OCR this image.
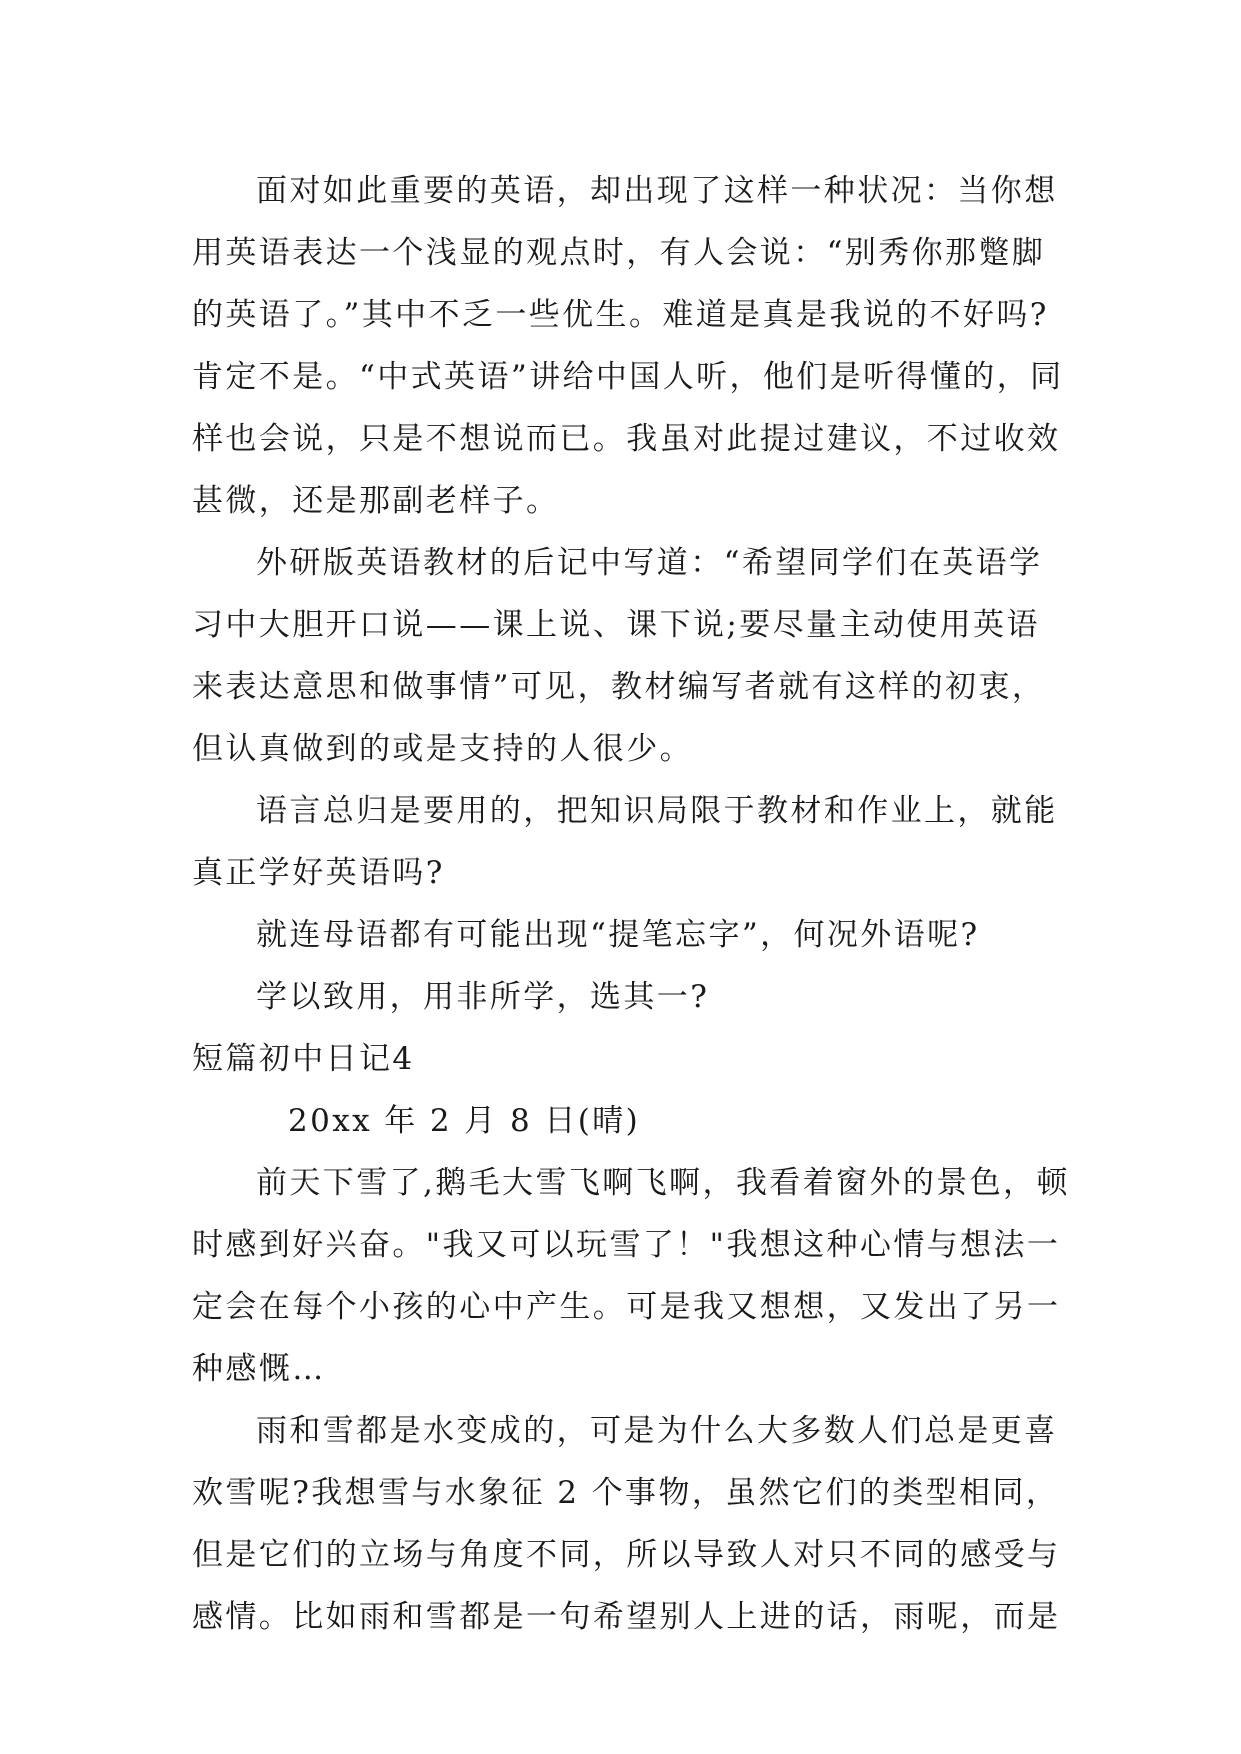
面对如此重要的英语，却出现了这样一种状况：当你想用英语表达一个浅显的观点时，有人会说：“别秀你那蹩脚的英语了。”其中不乏一些优生。难道是真是我说的不好吗?肯定不是。“中式英语”讲给中国人听，他们是听得懂的，同样也会说，只是不想说而已。我虽对此提过建议，不过收效甚微，还是那副老样子。

外研版英语教材的后记中写道：“希望同学们在英语学习中大胆开口说——课上说、课下说;要尽量主动使用英语来表达意思和做事情”可见，教材编写者就有这样的初衷，但认真做到的或是支持的人很少。

语言总归是要用的，把知识局限于教材和作业上，就能真正学好英语吗?

就连母语都有可能出现“提笔忘字”，何况外语呢?

学以致用，用非所学，选其一?

短篇初中日记4

20xx 年 2 月 8 日(晴)

前天下雪了,鹅毛大雪飞啊飞啊，我看着窗外的景色，顿时感到好兴奋。"我又可以玩雪了！"我想这种心情与想法一定会在每个小孩的心中产生。可是我又想想，又发出了另一种感慨…

雨和雪都是水变成的，可是为什么大多数人们总是更喜欢雪呢?我想雪与水象征 2 个事物，虽然它们的类型相同，但是它们的立场与角度不同，所以导致人对只不同的感受与感情。比如雨和雪都是一句希望别人上进的话，雨呢，而是
